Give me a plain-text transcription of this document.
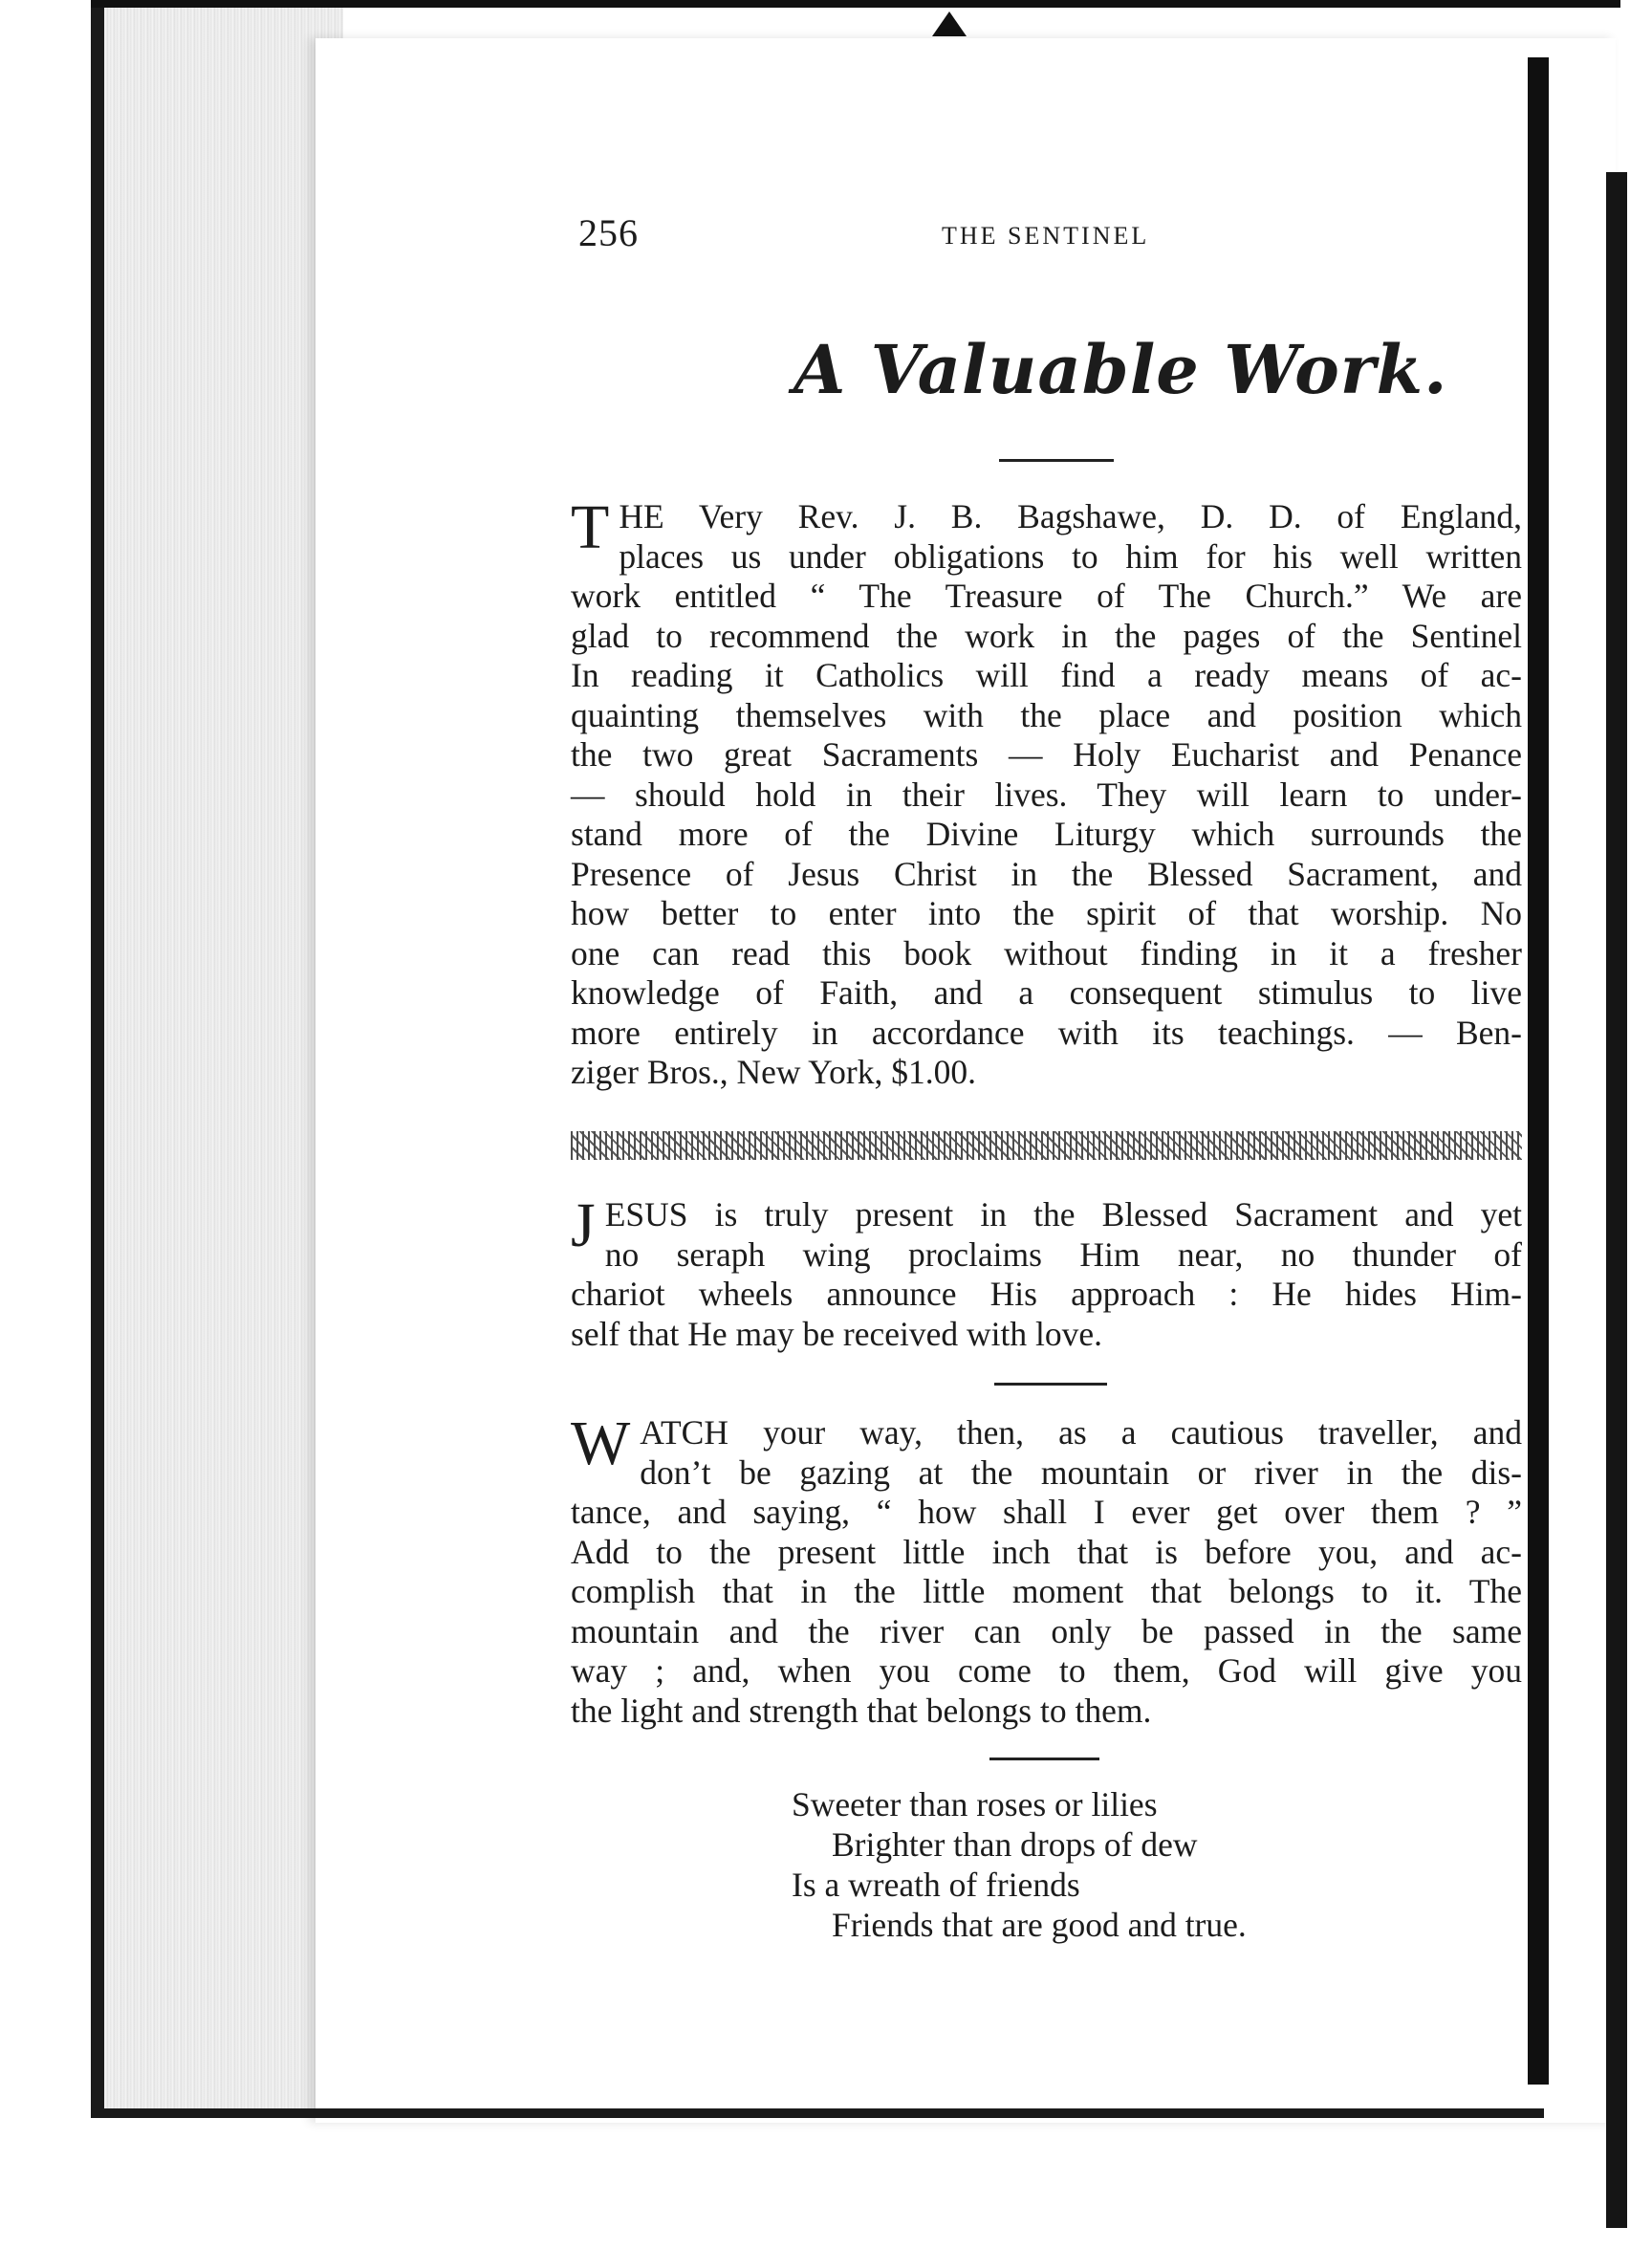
256	THE SENTINEL
A Valuable Work.
T HE Very Rev. J. B. Bagshawe, D. D. of England,
places us under obligations to him for his well written
work entitled “ The Treasure of The Church.” We are
glad to recommend the work in the pages of the Sentinel
In reading it Catholics will find a ready means of ac-
quainting themselves with the place and position which
the two great Sacraments — Holy Eucharist and Penance
— should hold in their lives. They will learn to under-
stand more of the Divine Liturgy which surrounds the
Presence of Jesus Christ in the Blessed Sacrament, and
how better to enter into the spirit of that worship. No
one can read this book without finding in it a fresher
knowledge of Faith, and a consequent stimulus to live
more entirely in accordance with its teachings. — Ben-
ziger Bros., New York, $1.00.
J ESUS is truly present in the Blessed Sacrament and yet
no seraph wing proclaims Him near, no thunder of
chariot wheels announce His approach : He hides Him-
self that He may be received with love.
W ATCH your way, then, as a cautious traveller, and
don’t be gazing at the mountain or river in the dis-
tance, and saying, “ how shall I ever get over them ? ”
Add to the present little inch that is before you, and ac-
complish that in the little moment that belongs to it. The
mountain and the river can only be passed in the same
way ; and, when you come to them, God will give you
the light and strength that belongs to them.
Sweeter than roses or lilies
Brighter than drops of dew
Is a wreath of friends
Friends that are good and true.
